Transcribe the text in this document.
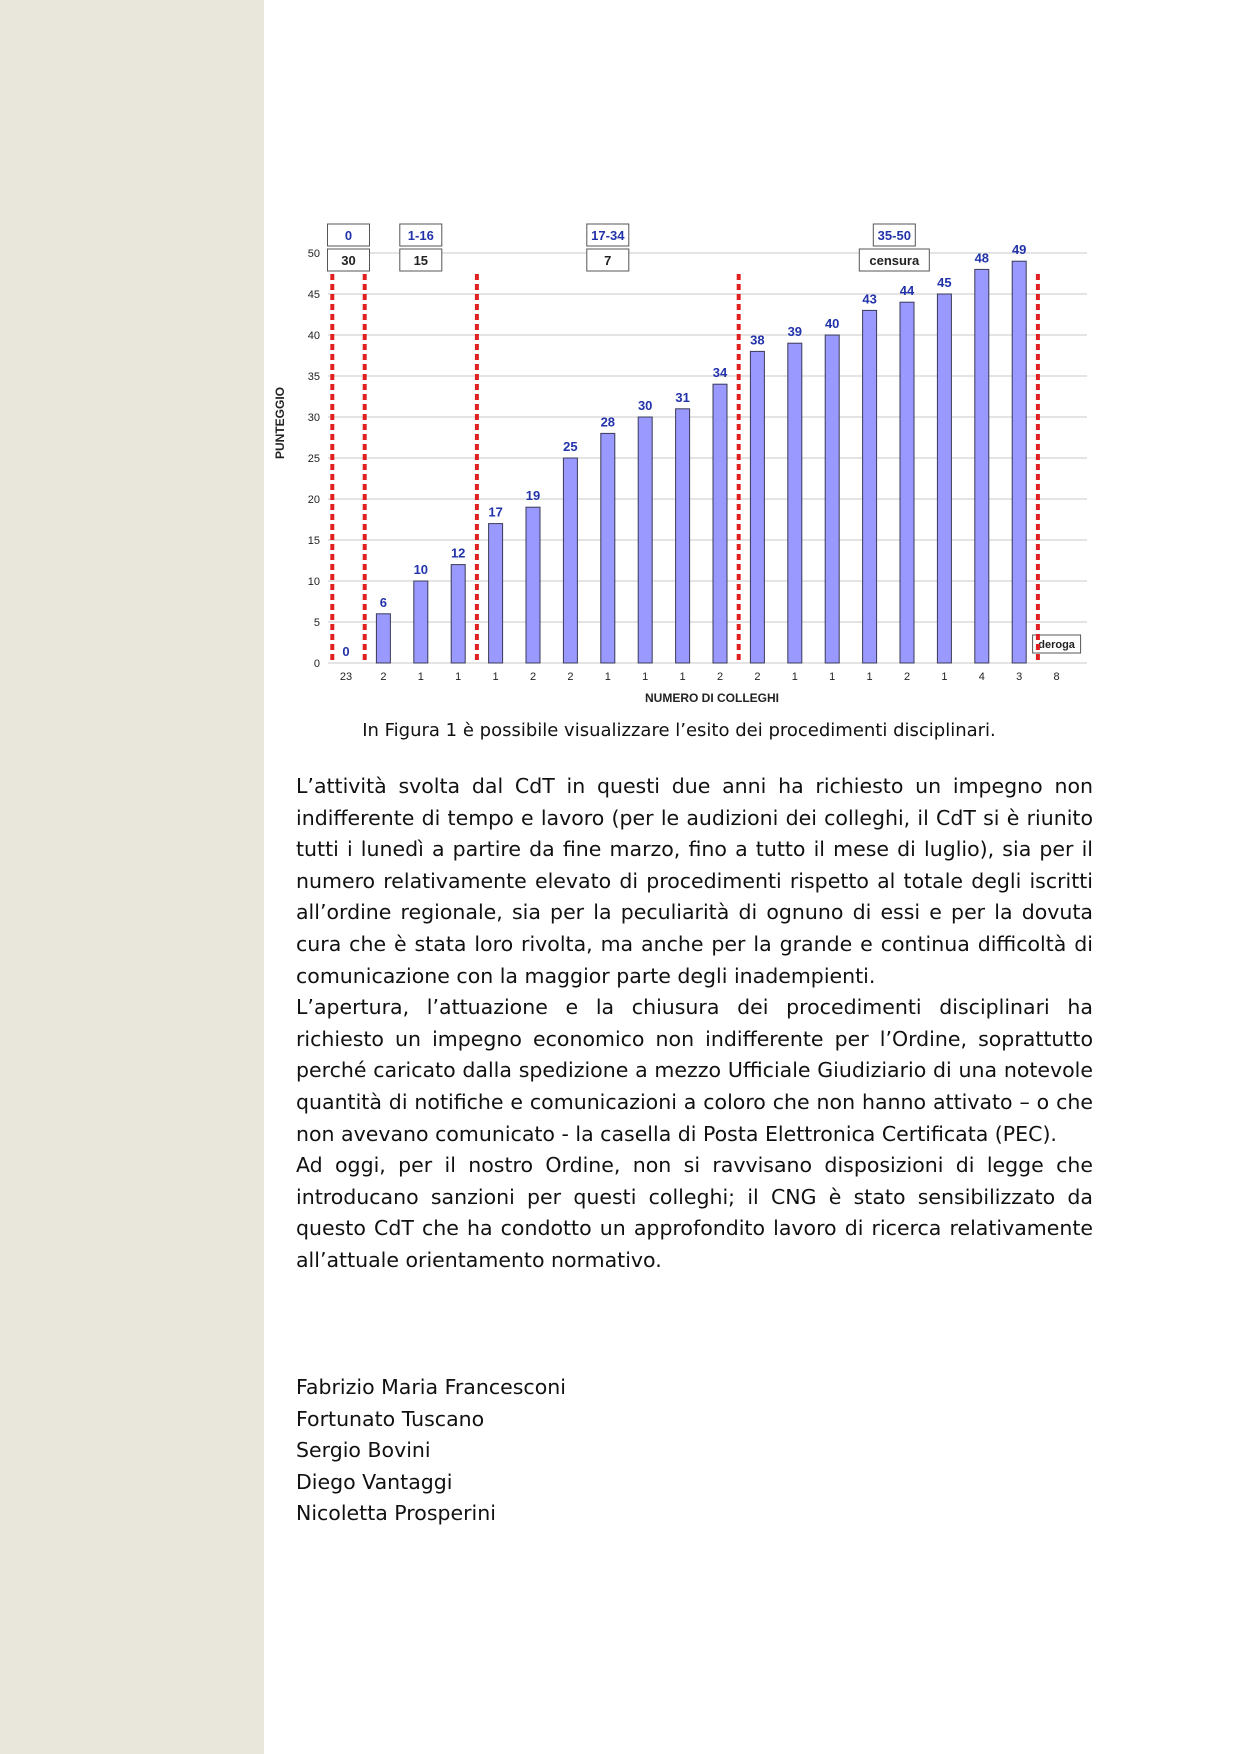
0
5
10
15
20
25
30
35
40
45
50
0
23
6
2
10
1
12
1
17
1
19
2
25
2
28
1
30
1
31
1
34
2
38
2
39
1
40
1
43
1
44
2
45
1
48
4
49
3	8
deroga
0
30
1-16
15
17-34
7
35-50
censura
NUMERO DI COLLEGHI
PUNTEGGIO
In Figura 1 è possibile visualizzare l’esito dei procedimenti disciplinari.

L’attività svolta dal CdT in questi due anni ha richiesto un impegno non indifferente di tempo e lavoro (per le audizioni dei colleghi, il CdT si è riunito tutti i lunedì a partire da fine marzo, fino a tutto il mese di luglio), sia per il numero relativamente elevato di procedimenti rispetto al totale degli iscritti all’ordine regionale, sia per la peculiarità di ognuno di essi e per la dovuta cura che è stata loro rivolta, ma anche per la grande e continua difficoltà di comunicazione con la maggior parte degli inadempienti.

L’apertura, l’attuazione e la chiusura dei procedimenti disciplinari ha richiesto un impegno economico non indifferente per l’Ordine, soprattutto perché caricato dalla spedizione a mezzo Ufficiale Giudiziario di una notevole quantità di notifiche e comunicazioni a coloro che non hanno attivato – o che non avevano comunicato - la casella di Posta Elettronica Certificata (PEC).

Ad oggi, per il nostro Ordine, non si ravvisano disposizioni di legge che introducano sanzioni per questi colleghi; il CNG è stato sensibilizzato da questo CdT che ha condotto un approfondito lavoro di ricerca relativamente all’attuale orientamento normativo.

Fabrizio Maria Francesconi
Fortunato Tuscano
Sergio Bovini
Diego Vantaggi
Nicoletta Prosperini
